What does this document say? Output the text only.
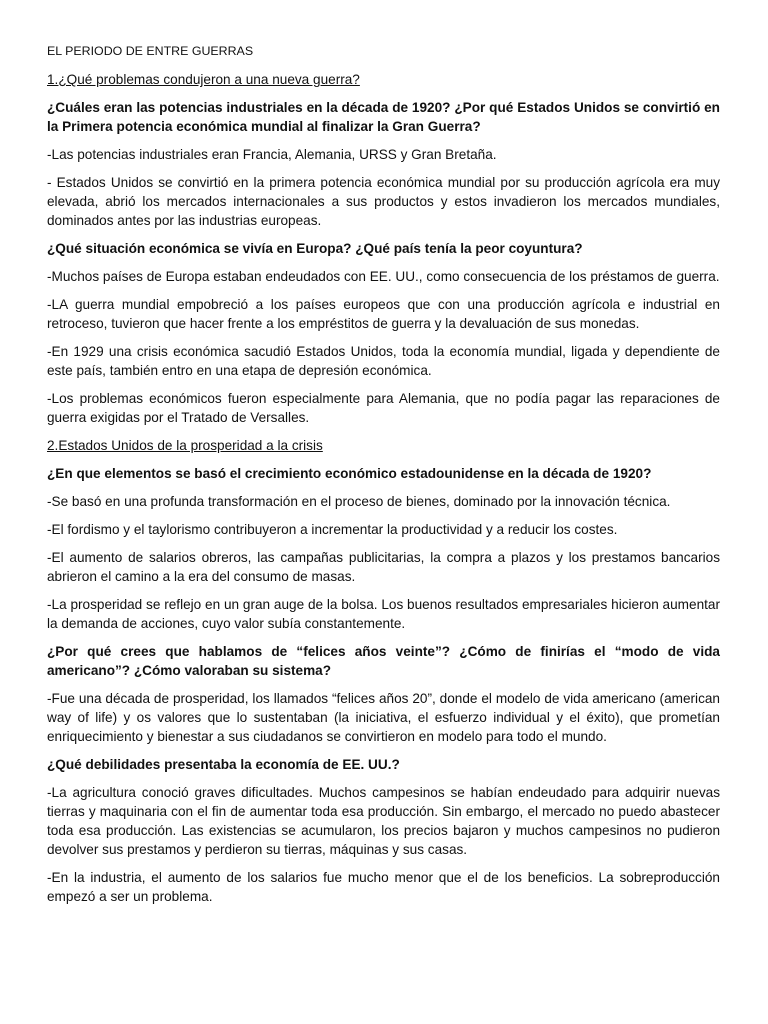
EL PERIODO DE ENTRE GUERRAS
1.¿Qué problemas condujeron a una nueva guerra?
¿Cuáles eran las potencias industriales en la década de 1920? ¿Por qué Estados Unidos se convirtió en la Primera potencia económica mundial al finalizar la Gran Guerra?
-Las potencias industriales eran Francia, Alemania, URSS y Gran Bretaña.
- Estados Unidos se convirtió en la primera potencia económica mundial por su producción agrícola era muy elevada, abrió los mercados internacionales a sus productos y estos invadieron los mercados mundiales, dominados antes por las industrias europeas.
¿Qué situación económica se vivía en Europa? ¿Qué país tenía la peor coyuntura?
-Muchos países de Europa estaban endeudados con EE. UU., como consecuencia de los préstamos de guerra.
-LA guerra mundial empobreció a los países europeos que con una producción agrícola e industrial en retroceso, tuvieron que hacer frente a los empréstitos de guerra y la devaluación de sus monedas.
-En 1929 una crisis económica sacudió Estados Unidos, toda la economía mundial, ligada y dependiente de este país, también entro en una etapa de depresión económica.
-Los problemas económicos fueron especialmente para Alemania, que no podía pagar las reparaciones de guerra exigidas por el Tratado de Versalles.
2.Estados Unidos de la prosperidad a la crisis
¿En que elementos se basó el crecimiento económico estadounidense en la década de 1920?
-Se basó en una profunda transformación en el proceso de bienes, dominado por la innovación técnica.
-El fordismo y el taylorismo contribuyeron a incrementar la productividad y a reducir los costes.
-El aumento de salarios obreros, las campañas publicitarias, la compra a plazos y los prestamos bancarios abrieron el camino a la era del consumo de masas.
-La prosperidad se reflejo en un gran auge de la bolsa. Los buenos resultados empresariales hicieron aumentar la demanda de acciones, cuyo valor subía constantemente.
¿Por qué crees que hablamos de “felices años veinte”? ¿Cómo de finirías el “modo de vida americano”? ¿Cómo valoraban su sistema?
-Fue una década de prosperidad, los llamados “felices años 20”, donde el modelo de vida americano (american way of life) y os valores que lo sustentaban (la iniciativa, el esfuerzo individual y el éxito), que prometían enriquecimiento y bienestar a sus ciudadanos se convirtieron en modelo para todo el mundo.
¿Qué debilidades presentaba la economía de EE. UU.?
-La agricultura conoció graves dificultades. Muchos campesinos se habían endeudado para adquirir nuevas tierras y maquinaria con el fin de aumentar toda esa producción. Sin embargo, el mercado no puedo abastecer toda esa producción. Las existencias se acumularon, los precios bajaron y muchos campesinos no pudieron devolver sus prestamos y perdieron su tierras, máquinas y sus casas.
-En la industria, el aumento de los salarios fue mucho menor que el de los beneficios. La sobreproducción empezó a ser un problema.
